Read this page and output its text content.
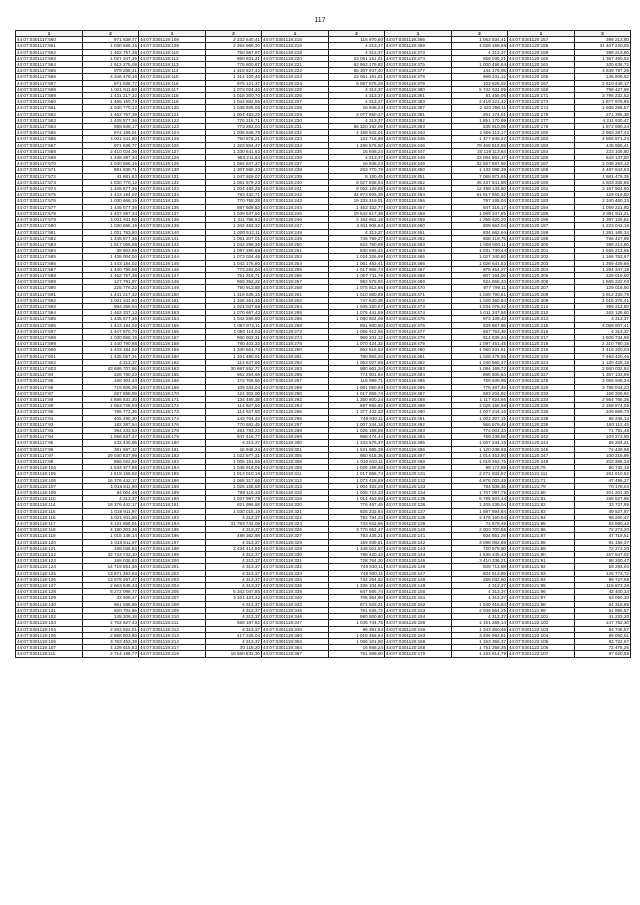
117
1	2	1	2	1	2	1	2	1	2
44:07:0301117:560	971 638,77	44:07:0301119:108	2 232 640,41	44:07:0301119:215	116 870,60	44:07:0301119:366	1 062 534,41	44:07:0301120:157	399 213,80
44:07:0301117:561	1 030 666,15	44:07:0301119:109	2 264 966,30	44:07:0301119:216	4 313,37	44:07:0301119:369	1 025 158,58	44:07:0301120:158	31 407 220,05
44:07:0301117:562	1 462 757,38	44:07:0301119:110	750 687,97	44:07:0301119:218	4 313,37	44:07:0301119:373	4 313,37	44:07:0301120:159	399 213,80
44:07:0301117:563	1 027 347,36	44:07:0301119:112	960 831,31	44:07:0301119:220	23 061 151,01	44:07:0301119:374	556 030,21	44:07:0301120:160	1 357 460,52
44:07:0301117:564	1 912 275,08	44:07:0301119:113	775 800,87	44:07:0301119:221	62 962 179,82	44:07:0301119:375	1 000 496,64	44:07:0301120:161	100 636,72
44:07:0301117:565	979 268,41	44:07:0301119:114	1 318 627,42	44:07:0301119:222	86 307 637,40	44:07:0301119:377	144 176,05	44:07:0301120:164	4 639 797,25
44:07:0301117:566	4 346 478,16	44:07:0301119:115	1 314 100,46	44:07:0301119:223	23 061 151,01	44:07:0301119:378	969 231,12	44:07:0301120:165	135 806,92
44:07:0301117:567	971 638,77	44:07:0301119:116	976 121,37	44:07:0301119:224	8 687 576,36	44:07:0301119:379	103 829,02	44:07:0301120:167	2 610 448,17
44:07:0301117:568	1 021 911,60	44:07:0301119:117	1 073 024,46	44:07:0301119:225	4 313,37	44:07:0301119:380	5 742 631,99	44:07:0301120:169	798 427,59
44:07:0301117:569	1 431 217,32	44:07:0301119:118	1 018 300,70	44:07:0301119:226	4 313,37	44:07:0301119:381	51 456,06	44:07:0301120:171	3 796 232,52
44:07:0301117:560	1 465 150,72	44:07:0301119:119	1 044 882,55	44:07:0301119:227	4 313,37	44:07:0301119:383	2 419 221,42	44:07:0301120:173	1 877 875,65
44:07:0301117:561	1 030 770,12	44:07:0301119:120	1 038 935,06	44:07:0301119:228	16 948,24	44:07:0301119:387	2 420 396,11	44:07:0301120:174	1 605 256,57
44:07:0301117:562	1 462 757,38	44:07:0301119:121	1 004 483,25	44:07:0301119:229	2 077 950,27	44:07:0301119:391	261 174,51	44:07:0301120:175	271 395,38
44:07:0301117:563	1 445 577,36	44:07:0301119:122	776 316,71	44:07:0301119:230	4 313,37	44:07:0301119:392	1 851 170,99	44:07:0301120:177	4 211 930,47
44:07:0301117:564	989 946,17	44:07:0301119:123	773 282,04	44:07:0301119:231	86 320 192,09	44:07:0301119:393	535 810,09	44:07:0301120:178	1 672 680,24
44:07:0301117:565	974 189,01	44:07:0301119:124	1 006 646,78	44:07:0301119:232	4 169 943,01	44:07:0301119:443	2 606 113,17	44:07:0301120:180	3 983 287,42
44:07:0301117:566	1 021 911,60	44:07:0301119:125	750 676,21	44:07:0301119:233	122 716,68	44:07:0301119:445	1 477 945,27	44:07:0301120:182	4 565 971,24
44:07:0301117:567	971 638,77	44:07:0301119:126	1 323 554,47	44:07:0301119:234	1 286 576,50	44:07:0301119:446	79 466 619,59	44:07:0301120:183	445 996,41
44:07:0301117:568	2 410 024,36	44:07:0301119:127	1 330 641,63	44:07:0301119:235	16 948,24	44:07:0301119:447	20 119 113,64	44:07:0301120:184	233 105,80
44:07:0301117:569	1 436 397,34	44:07:0301119:128	983 211,84	44:07:0301119:236	4 313,37	44:07:0301119:448	23 084 862,17	44:07:0301120:185	643 137,50
44:07:0301117:570	1 030 666,15	44:07:0301119:129	1 084 847,37	44:07:0301119:237	16 948,24	44:07:0301119:449	32 567 897,56	44:07:0301120:187	1 048 263,12
44:07:0301117:571	981 839,71	44:07:0301119:130	1 307 566,33	44:07:0301119:238	263 770,79	44:07:0301119:450	1 132 099,39	44:07:0301120:188	4 487 643,63
44:07:0301117:572	41 861,63	44:07:0301119:131	1 047 926,07	44:07:0301119:239	8 150,45	44:07:0301119:451	7 068 971,65	44:07:0301120:189	1 681 476,35
44:07:0301117:573	1 030 770,12	44:07:0301119:132	1 061 579,23	44:07:0301119:240	8 027 838,64	44:07:0301119:452	45 237 641,88	44:07:0301120:190	4 603 335,85
44:07:0301117:574	1 445 577,36	44:07:0301119:133	1 004 483,25	44:07:0301119:241	8 062 129,85	44:07:0301119:453	12 498 133,50	44:07:0301120:191	2 167 904,50
44:07:0301117:575	1 443 184,02	44:07:0301119:134	793 432,71	44:07:0301119:242	34 973 605,28	44:07:0301119:454	61 917 650,32	44:07:0301120:192	129 016,50
44:07:0301117:576	1 030 666,15	44:07:0301119:135	770 765,28	44:07:0301119:243	19 333 319,01	44:07:0301119:456	797 165,04	44:07:0301120:193	2 340 460,33
44:07:0301117:577	1 445 577,36	44:07:0301119:136	987 608,83	44:07:0301119:244	1 453 332,77	44:07:0301119:457	947 316,17	44:07:0301120:194	1 059 221,80
44:07:0301117:578	1 437 387,34	44:07:0301119:137	1 039 537,50	44:07:0301119:245	19 542 817,38	44:07:0301119:458	1 069 247,85	44:07:0301120:195	2 891 911,21
44:07:0301117:579	1 021 911,60	44:07:0301119:138	1 311 786,63	44:07:0301119:246	2 162 661,16	44:07:0301119:459	1 259 620,20	44:07:0301120:196	1 397 125,81
44:07:0301117:580	1 030 666,15	44:07:0301119:139	1 342 463,32	44:07:0301119:247	2 811 906,84	44:07:0301119:460	809 663,04	44:07:0301120:197	1 223 042,16
44:07:0301117:581	1 031 763,50	44:07:0301119:140	1 000 512,11	44:07:0301119:248	4 313,37	44:07:0301119:461	834 662,64	44:07:0301120:198	1 281 165,34
44:07:0301117:582	1 445 577,36	44:07:0301119:141	1 061 207,01	44:07:0301119:249	745 759,27	44:07:0301119:462	968 419,75	44:07:0301120:199	796 427,59
44:07:0301117:583	1 917 065,68	44:07:0301119:142	1 042 299,36	44:07:0301119:250	822 750,69	44:07:0301119:463	1 008 600,11	44:07:0301120:200	399 213,80
44:07:0301117:584	39 603,86	44:07:0301119:143	1 097 290,68	44:07:0301119:251	830 556,42	44:07:0301119:464	1 031 730,44	44:07:0301120:201	1 565 213,65
44:07:0301117:585	1 436 004,00	44:07:0301119:144	1 073 024,46	44:07:0301119:253	1 024 326,99	44:07:0301119:465	1 027 340,80	44:07:0301120:202	1 166 752,67
44:07:0301117:586	1 443 184,02	44:07:0301119:145	1 042 176,80	44:07:0301119:254	1 061 462,41	44:07:0301119:466	1 026 641,53	44:07:0301120:203	1 269 429,66
44:07:0301117:587	1 440 790,68	44:07:0301119:146	773 282,04	44:07:0301119:255	1 017 866,74	44:07:0301119:467	975 454,27	44:07:0301120:204	1 284 347,18
44:07:0301117:588	1 462 757,38	44:07:0301119:147	751 316,71	44:07:0301119:256	1 007 711,76	44:07:0301119:468	807 164,06	44:07:0301120:205	129 016,50
44:07:0301117:589	127 791,97	44:07:0301119:148	959 352,22	44:07:0301119:257	992 575,93	44:07:0301119:469	624 856,34	44:07:0301120:206	1 565 222,03
44:07:0301117:590	225 776,22	44:07:0301119:149	790 913,88	44:07:0301119:258	1 075 812,86	44:07:0301119:470	977 799,11	44:07:0301120:207	129 016,50
44:07:0301117:591	1 441 217,32	44:07:0301119:150	1 319 635,15	44:07:0301119:261	1 010 580,89	44:07:0301119:471	1 039 790,61	44:07:0301120:208	3 912 330,79
44:07:0301117:592	1 021 911,60	44:07:0301119:151	1 328 261,35	44:07:0301119:262	747 620,36	44:07:0301119:472	1 029 360,84	44:07:0301120:209	1 015 375,41
44:07:0301117:593	984 359,64	44:07:0301119:152	1 021 037,68	44:07:0301119:264	1 045 150,67	44:07:0301119:473	1 034 076,32	44:07:0301120:210	399 213,80
44:07:0301117:594	1 462 337,13	44:07:0301119:153	1 070 667,43	44:07:0301119:265	1 076 441,69	44:07:0301119:474	1 011 247,56	44:07:0301120:212	163 126,60
44:07:0301117:595	1 445 577,36	44:07:0301119:154	1 042 299,60	44:07:0301119:266	1 080 824,06	44:07:0301119:475	973 109,43	44:07:0301120:214	4 313,37
44:07:0301117:596	1 443 184,02	44:07:0301119:155	1 087 872,11	44:07:0301119:268	891 600,60	44:07:0301119:476	839 667,96	44:07:0301120:215	4 069 907,41
44:07:0301117:597	1 447 970,70	44:07:0301119:156	1 080 114,03	44:07:0301119:272	1 055 612,56	44:07:0301119:477	667 763,46	44:07:0301120:216	4 313,37
44:07:0301117:598	1 030 666,15	44:07:0301119:157	960 903,31	44:07:0301119:274	969 231,12	44:07:0301119:478	814 635,24	44:07:0301120:217	1 605 734,95
44:07:0301117:599	1 440 790,68	44:07:0301119:158	780 403,33	44:07:0301119:278	1 070 424,32	44:07:0301119:479	1 097 451,45	44:07:0301120:218	2 310 790,16
44:07:0301117:600	1 443 184,02	44:07:0301119:159	1 330 561,74	44:07:0301119:280	962 616,53	44:07:0301119:480	1 060 331,81	44:07:0301120:219	1 415 320,03
44:07:0301117:601	1 435 057,31	44:07:0301119:160	1 331 480,01	44:07:0301119:281	780 893,34	44:07:0301119:481	1 026 475,55	44:07:0301120:222	7 493 420,46
44:07:0301117:602	4 313,37	44:07:0301119:162	114 627,60	44:07:0301119:282	1 063 027,86	44:07:0301119:482	1 040 560,37	44:07:0301120:224	1 130 428,18
44:07:0301117:603	43 686 707,86	44:07:0301119:163	30 687 552,77	44:07:0301119:283	980 661,34	44:07:0301119:483	1 084 169,72	44:07:0301120:226	2 560 032,84
44:07:0301117:84	326 780,23	44:07:0301119:165	662 254,68	44:07:0301119:285	774 901,64	44:07:0301119:484	866 605,84	44:07:0301120:227	1 357 133,99
44:07:0301117:85	158 303,44	44:07:0301119:166	172 705,56	44:07:0301119:287	115 999,71	44:07:0301119:485	769 639,98	44:07:0301120:228	2 055 945,24
44:07:0301117:86	719 606,09	44:07:0301119:168	109 533,04	44:07:0301119:289	1 081 050,93	44:07:0301119:486	776 487,45	44:07:0301120:229	3 795 044,23
44:07:0301117:87	267 868,99	44:07:0301119:170	124 302,00	44:07:0301119:290	1 017 866,74	44:07:0301119:487	583 204,92	44:07:0301120:232	168 209,92
44:07:0301117:88	4 686 631,30	44:07:0301119:171	134 495,38	44:07:0301119:292	1 350 600,24	44:07:0301119:488	1 117 824,66	44:07:0301120:234	2 864 756,36
44:07:0301117:89	1 053 728,93	44:07:0301119:172	114 627,60	44:07:0301119:293	897 855,82	44:07:0301119:489	1 025 158,58	44:07:0301120:235	2 258 874,05
44:07:0301117:90	785 773,36	44:07:0301119:173	114 627,60	44:07:0301119:295	1 377 432,33	44:07:0301119:490	1 007 244,16	44:07:0301120:236	109 869,73
44:07:0301117:91	405 490,30	44:07:0301119:174	143 704,42	44:07:0301119:296	749 930,11	44:07:0301119:491	1 003 307,15	44:07:0301120:238	88 246,14
44:07:0301117:92	182 387,54	44:07:0301119:176	770 682,45	44:07:0301119:297	1 007 244,16	44:07:0301119:492	966 679,49	44:07:0301120:239	180 112,45
44:07:0301117:93	384 233,53	44:07:0301119:178	481 793,23	44:07:0301119:298	1 025 158,58	44:07:0301119:493	774 003,33	44:07:0301120:240	71 791,48
44:07:0301117:94	1 056 637,47	44:07:0301119:179	847 416,77	44:07:0301119:299	968 474,44	44:07:0301119:494	769 239,58	44:07:0301120:242	103 273,59
44:07:0301117:95	232 430,85	44:07:0301119:180	4 313,37	44:07:0301119:300	1 333 675,27	44:07:0301119:495	1 007 244,16	44:07:0301120:244	59 264,21
44:07:0301117:96	381 657,32	44:07:0301119:181	16 948,24	44:07:0301119:301	1 521 685,39	44:07:0301119:496	1 120 238,68	44:07:0301120:245	74 426,96
44:07:0301117:97	29 040 837,99	44:07:0301119:182	1 022 577,31	44:07:0301119:305	950 615,36	44:07:0301119:497	1 014 453,90	44:07:0301120:247	100 216,99
44:07:0301117:98	866 022,92	44:07:0301119:183	1 005 151,65	44:07:0301119:306	1 010 610,11	44:07:0301119:498	1 019 263,75	44:07:0301120:249	202 365,34
44:07:0301118:104	1 534 377,98	44:07:0301119:184	1 045 916,05	44:07:0301119:308	1 025 158,58	44:07:0301120:130	99 172,98	44:07:0301120:76	80 732,19
44:07:0301118:105	1 619 159,92	44:07:0301119:185	1 013 010,18	44:07:0301119:311	1 017 866,74	44:07:0301120:131	2 271 633,67	44:07:0301121:111	251 610,52
44:07:0301118:106	16 376 442,17	44:07:0301119:186	1 068 317,66	44:07:0301119:312	1 073 428,88	44:07:0301120:132	4 676 003,45	44:07:0301121:71	47 496,27
44:07:0301118:107	1 015 911,60	44:07:0301119:188	1 025 158,58	44:07:0301119:313	1 004 483,25	44:07:0301120:133	784 838,36	44:07:0301121:79	70 178,03
44:07:0301118:109	84 004,48	44:07:0301119:189	789 116,33	44:07:0301119:315	1 005 723,33	44:07:0301120:134	1 707 097,79	44:07:0301121:80	201 201,36
44:07:0301118:110	4 313,37	44:07:0301119:190	1 037 997,79	44:07:0301119:316	1 014 453,90	44:07:0301120:135	5 785 503,44	44:07:0301121:81	168 527,88
44:07:0301118:114	16 376 442,17	44:07:0301119:191	821 996,88	44:07:0301119:320	776 487,45	44:07:0301120:136	1 205 238,04	44:07:0301121:82	33 727,99
44:07:0301118:115	1 018 911,97	44:07:0301119:192	1 030 015,19	44:07:0301119:321	925 332,84	44:07:0301120:137	1 687 894,84	44:07:0301121:83	49 527,97
44:07:0301118:116	1 021 911,60	44:07:0301119:193	4 313,37	44:07:0301119:322	752 794,23	44:07:0301120:138	3 476 150,04	44:07:0301121:84	98 260,47
44:07:0301118:117	4 131 856,91	44:07:0301119:194	31 763 742,09	44:07:0301119:324	733 842,56	44:07:0301120:139	71 678,46	44:07:0301121:85	53 690,42
44:07:0301118:118	4 180 203,36	44:07:0301119:195	4 313,37	44:07:0301119:326	3 770 652,47	44:07:0301120:140	2 003 700,58	44:07:0301121:86	72 273,20
44:07:0301118:119	1 015 146,14	44:07:0301119:196	498 362,98	44:07:0301119:327	793 435,21	44:07:0301120:141	934 651,29	44:07:0301121:87	47 719,51
44:07:0301118:120	1 018 911,97	44:07:0301119:197	4 313,37	44:07:0301119:329	159 939,81	44:07:0301120:142	3 098 092,88	44:07:0301121:88	91 159,37
44:07:0301118:121	168 036,83	44:07:0301119:198	2 434 414,66	44:07:0301119:329	1 348 021,87	44:07:0301120:143	720 878,60	44:07:0301121:89	72 273,20
44:07:0301118:122	42 743 732,10	44:07:0301119:199	4 313,37	44:07:0301119:330	788 420,43	44:07:0301120:144	1 835 245,43	44:07:0301121:90	157 547,02
44:07:0301118:123	168 036,83	44:07:0301119:200	4 313,37	44:07:0301119:331	728 764,30	44:07:0301120:145	3 410 336,21	44:07:0301121:91	98 260,47
44:07:0301118:124	14 719 851,36	44:07:0301119:201	4 313,37	44:07:0301119:332	749 930,11	44:07:0301120:146	509 713,68	44:07:0301121:92	59 294,04
44:07:0301118:125	13 871 363,63	44:07:0301119:202	4 313,37	44:07:0301119:333	749 930,11	44:07:0301120:147	604 613,85	44:07:0301121:93	125 773,72
44:07:0301118:126	13 578 267,47	44:07:0301119:203	4 313,37	44:07:0301119:334	734 254,52	44:07:0301120:148	258 032,60	44:07:0301121:94	99 727,99
44:07:0301118:127	2 663 645,43	44:07:0301119:204	4 313,37	44:07:0301119:336	1 336 104,56	44:07:0301120:149	4 313,37	44:07:0301121:95	115 673,28
44:07:0301118:128	8 272 096,77	44:07:0301119:205	5 342 047,85	44:07:0301119:339	947 585,74	44:07:0301120:150	4 313,37	44:07:0301121:96	42 400,34
44:07:0301118:129	43 606,47	44:07:0301119:207	3 101 423,32	44:07:0301119:340	705 364,90	44:07:0301120:151	4 313,37	44:07:0301121:97	63 050,30
44:07:0301118:130	961 586,69	44:07:0301119:208	4 313,37	44:07:0301119:343	871 533,21	44:07:0301120:152	1 640 416,84	44:07:0301121:98	64 316,85
44:07:0301118:131	920 702,66	44:07:0301119:209	4 313,37	44:07:0301119:345	781 536,72	44:07:0301120:153	2 039 664,25	44:07:0301121:99	51 955,57
44:07:0301119:102	145 206,18	44:07:0301119:210	4 313,37	44:07:0301119:346	980 600,90	44:07:0301120:154	4 313,37	44:07:0301122:101	41 233,20
44:07:0301119:103	2 702 627,43	44:07:0301119:211	569 187,82	44:07:0301119:347	1 045 744,75	44:07:0301120:155	1 151 259,14	44:07:0301122:102	147 752,30
44:07:0301119:104	2 262 922,01	44:07:0301119:212	4 313,37	44:07:0301119:348	96 391,54	44:07:0301120:156	1 343 260,46	44:07:0301122:103	64 736,57
44:07:0301119:105	2 668 803,80	44:07:0301119:213	417 228,04	44:07:0301119:360	1 015 456,64	44:07:0301120:163	3 336 992,81	44:07:0301122:104	89 060,61
44:07:0301119:106	3 763 453,39	44:07:0301119:214	4 313,37	44:07:0301119:363	1 066 101,90	44:07:0301120:166	1 153 356,37	44:07:0301122:105	82 722,67
44:07:0301119:107	4 139 615,53	44:07:0301119:217	30 118,20	44:07:0301119:364	16 948,24	44:07:0301120:168	1 751 258,35	44:07:0301122:106	72 475,26
44:07:0301119:111	2 714 196,77	44:07:0301119:219	19 560 832,30	44:07:0301119:367	781 669,60	44:07:0301120:170	1 183 814,79	44:07:0301122:107	87 620,55
